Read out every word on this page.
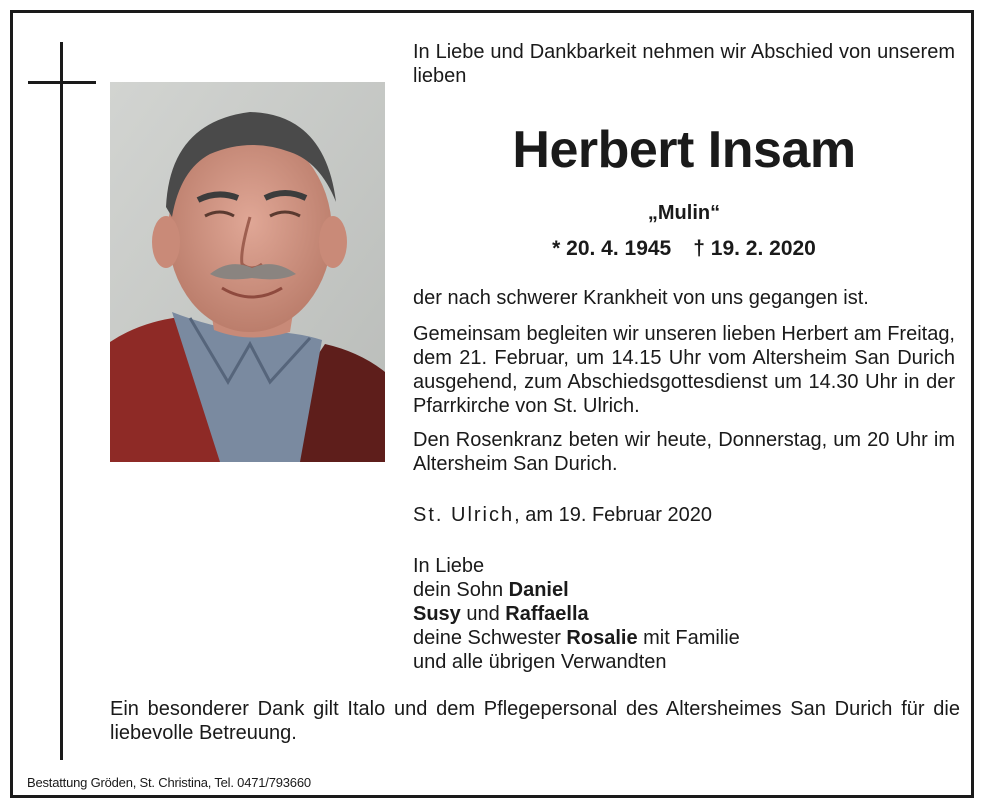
In Liebe und Dankbarkeit nehmen wir Abschied von unserem lieben

Herbert Insam
„Mulin“
* 20. 4. 1945 † 19. 2. 2020

der nach schwerer Krankheit von uns gegangen ist.

Gemeinsam begleiten wir unseren lieben Herbert am Freitag, dem 21. Februar, um 14.15 Uhr vom Altersheim San Durich ausgehend, zum Abschiedsgottesdienst um 14.30 Uhr in der Pfarrkirche von St. Ulrich.

Den Rosenkranz beten wir heute, Donnerstag, um 20 Uhr im Altersheim San Durich.

St. Ulrich, am 19. Februar 2020

In Liebe
dein Sohn Daniel
Susy und Raffaella
deine Schwester Rosalie mit Familie
und alle übrigen Verwandten

Ein besonderer Dank gilt Italo und dem Pflegepersonal des Altersheimes San Durich für die liebevolle Betreuung.

Bestattung Gröden, St. Christina, Tel. 0471/793660
